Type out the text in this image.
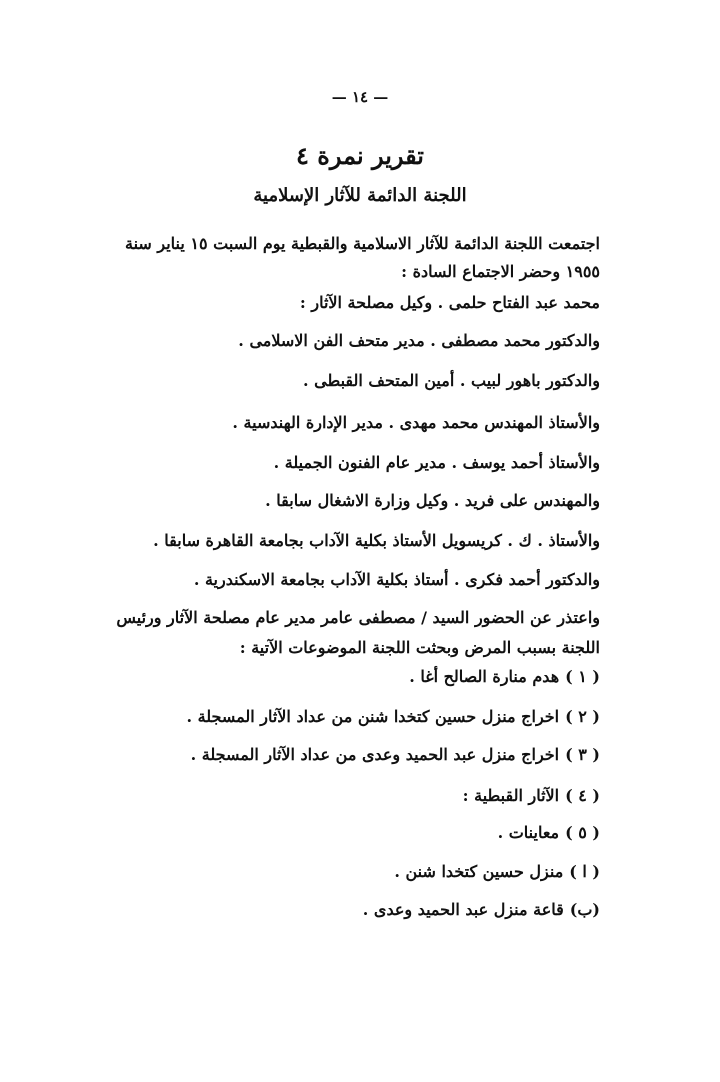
— ١٤ —
تقرير نمرة ٤
اللجنة الدائمة للآثار الإسلامية
اجتمعت اللجنة الدائمة للآثار الاسلامية والقبطية يوم السبت ١٥ يناير سنة ١٩٥٥ وحضر الاجتماع السادة :
محمد عبد الفتاح حلمى . وكيل مصلحة الآثار :
والدكتور محمد مصطفى . مدير متحف الفن الاسلامى .
والدكتور باهور لبيب . أمين المتحف القبطى .
والأستاذ المهندس محمد مهدى . مدير الإدارة الهندسية .
والأستاذ أحمد يوسف . مدير عام الفنون الجميلة .
والمهندس على فريد . وكيل وزارة الاشغال سابقا .
والأستاذ . ك . كريسويل الأستاذ بكلية الآداب بجامعة القاهرة سابقا .
والدكتور أحمد فكرى . أستاذ بكلية الآداب بجامعة الاسكندرية .
واعتذر عن الحضور السيد / مصطفى عامر مدير عام مصلحة الآثار ورئيس اللجنة بسبب المرض وبحثت اللجنة الموضوعات الآتية :
( ١ )هدم منارة الصالح أغا .
( ٢ )اخراج منزل حسين كتخدا شنن من عداد الآثار المسجلة .
( ٣ )اخراج منزل عبد الحميد وعدى من عداد الآثار المسجلة .
( ٤ )الآثار القبطية :
( ٥ )معاينات .
( ا )منزل حسين كتخدا شنن .
(ب)قاعة منزل عبد الحميد وعدى .
